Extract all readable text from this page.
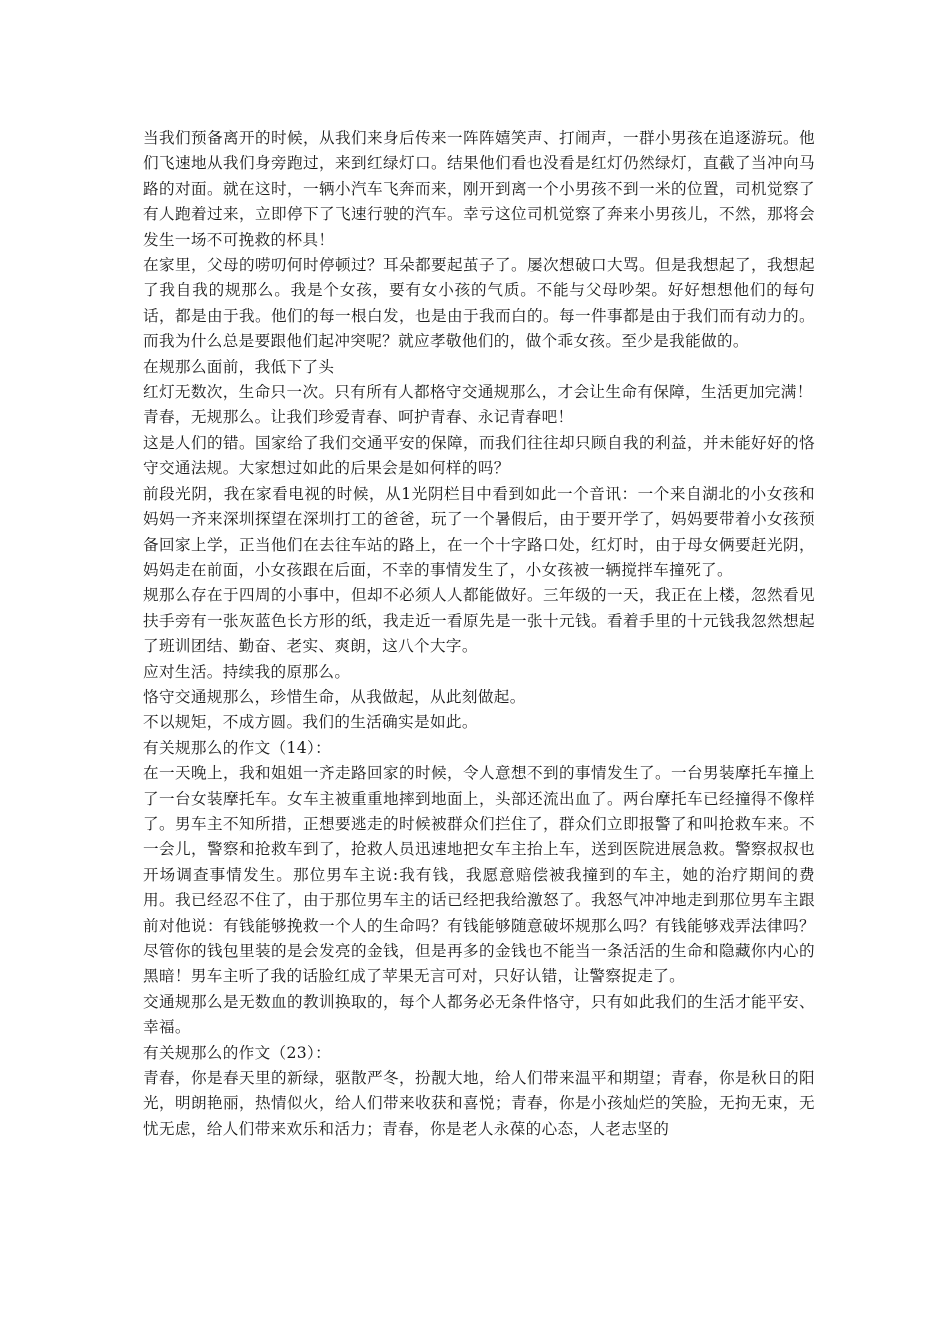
当我们预备离开的时候，从我们来身后传来一阵阵嬉笑声、打闹声，一群小男孩在追逐游玩。他们飞速地从我们身旁跑过，来到红绿灯口。结果他们看也没看是红灯仍然绿灯，直截了当冲向马路的对面。就在这时，一辆小汽车飞奔而来，刚开到离一个小男孩不到一米的位置，司机觉察了有人跑着过来，立即停下了飞速行驶的汽车。幸亏这位司机觉察了奔来小男孩儿，不然，那将会发生一场不可挽救的杯具！

在家里，父母的唠叨何时停顿过？耳朵都要起茧子了。屡次想破口大骂。但是我想起了，我想起了我自我的规那么。我是个女孩，要有女小孩的气质。不能与父母吵架。好好想想他们的每句话，都是由于我。他们的每一根白发，也是由于我而白的。每一件事都是由于我们而有动力的。而我为什么总是要跟他们起冲突呢？就应孝敬他们的，做个乖女孩。至少是我能做的。

在规那么面前，我低下了头

红灯无数次，生命只一次。只有所有人都格守交通规那么，才会让生命有保障，生活更加完满！

青春，无规那么。让我们珍爱青春、呵护青春、永记青春吧！

这是人们的错。国家给了我们交通平安的保障，而我们往往却只顾自我的利益，并未能好好的恪守交通法规。大家想过如此的后果会是如何样的吗？

前段光阴，我在家看电视的时候，从1光阴栏目中看到如此一个音讯：一个来自湖北的小女孩和妈妈一齐来深圳探望在深圳打工的爸爸，玩了一个暑假后，由于要开学了，妈妈要带着小女孩预备回家上学，正当他们在去往车站的路上，在一个十字路口处，红灯时，由于母女俩要赶光阴，妈妈走在前面，小女孩跟在后面，不幸的事情发生了，小女孩被一辆搅拌车撞死了。

规那么存在于四周的小事中，但却不必须人人都能做好。三年级的一天，我正在上楼，忽然看见扶手旁有一张灰蓝色长方形的纸，我走近一看原先是一张十元钱。看着手里的十元钱我忽然想起了班训团结、勤奋、老实、爽朗，这八个大字。

应对生活。持续我的原那么。

恪守交通规那么，珍惜生命，从我做起，从此刻做起。

不以规矩，不成方圆。我们的生活确实是如此。

有关规那么的作文（14）：

在一天晚上，我和姐姐一齐走路回家的时候，令人意想不到的事情发生了。一台男装摩托车撞上了一台女装摩托车。女车主被重重地摔到地面上，头部还流出血了。两台摩托车已经撞得不像样了。男车主不知所措，正想要逃走的时候被群众们拦住了，群众们立即报警了和叫抢救车来。不一会儿，警察和抢救车到了，抢救人员迅速地把女车主抬上车，送到医院进展急救。警察叔叔也开场调查事情发生。那位男车主说:我有钱，我愿意赔偿被我撞到的车主，她的治疗期间的费用。我已经忍不住了，由于那位男车主的话已经把我给激怒了。我怒气冲冲地走到那位男车主跟前对他说：有钱能够挽救一个人的生命吗？有钱能够随意破坏规那么吗？有钱能够戏弄法律吗？尽管你的钱包里装的是会发亮的金钱，但是再多的金钱也不能当一条活活的生命和隐藏你内心的黑暗！男车主听了我的话脸红成了苹果无言可对，只好认错，让警察捉走了。

交通规那么是无数血的教训换取的，每个人都务必无条件恪守，只有如此我们的生活才能平安、幸福。

有关规那么的作文（23）：

青春，你是春天里的新绿，驱散严冬，扮靓大地，给人们带来温平和期望；青春，你是秋日的阳光，明朗艳丽，热情似火，给人们带来收获和喜悦；青春，你是小孩灿烂的笑脸，无拘无束，无忧无虑，给人们带来欢乐和活力；青春，你是老人永葆的心态，人老志坚的
